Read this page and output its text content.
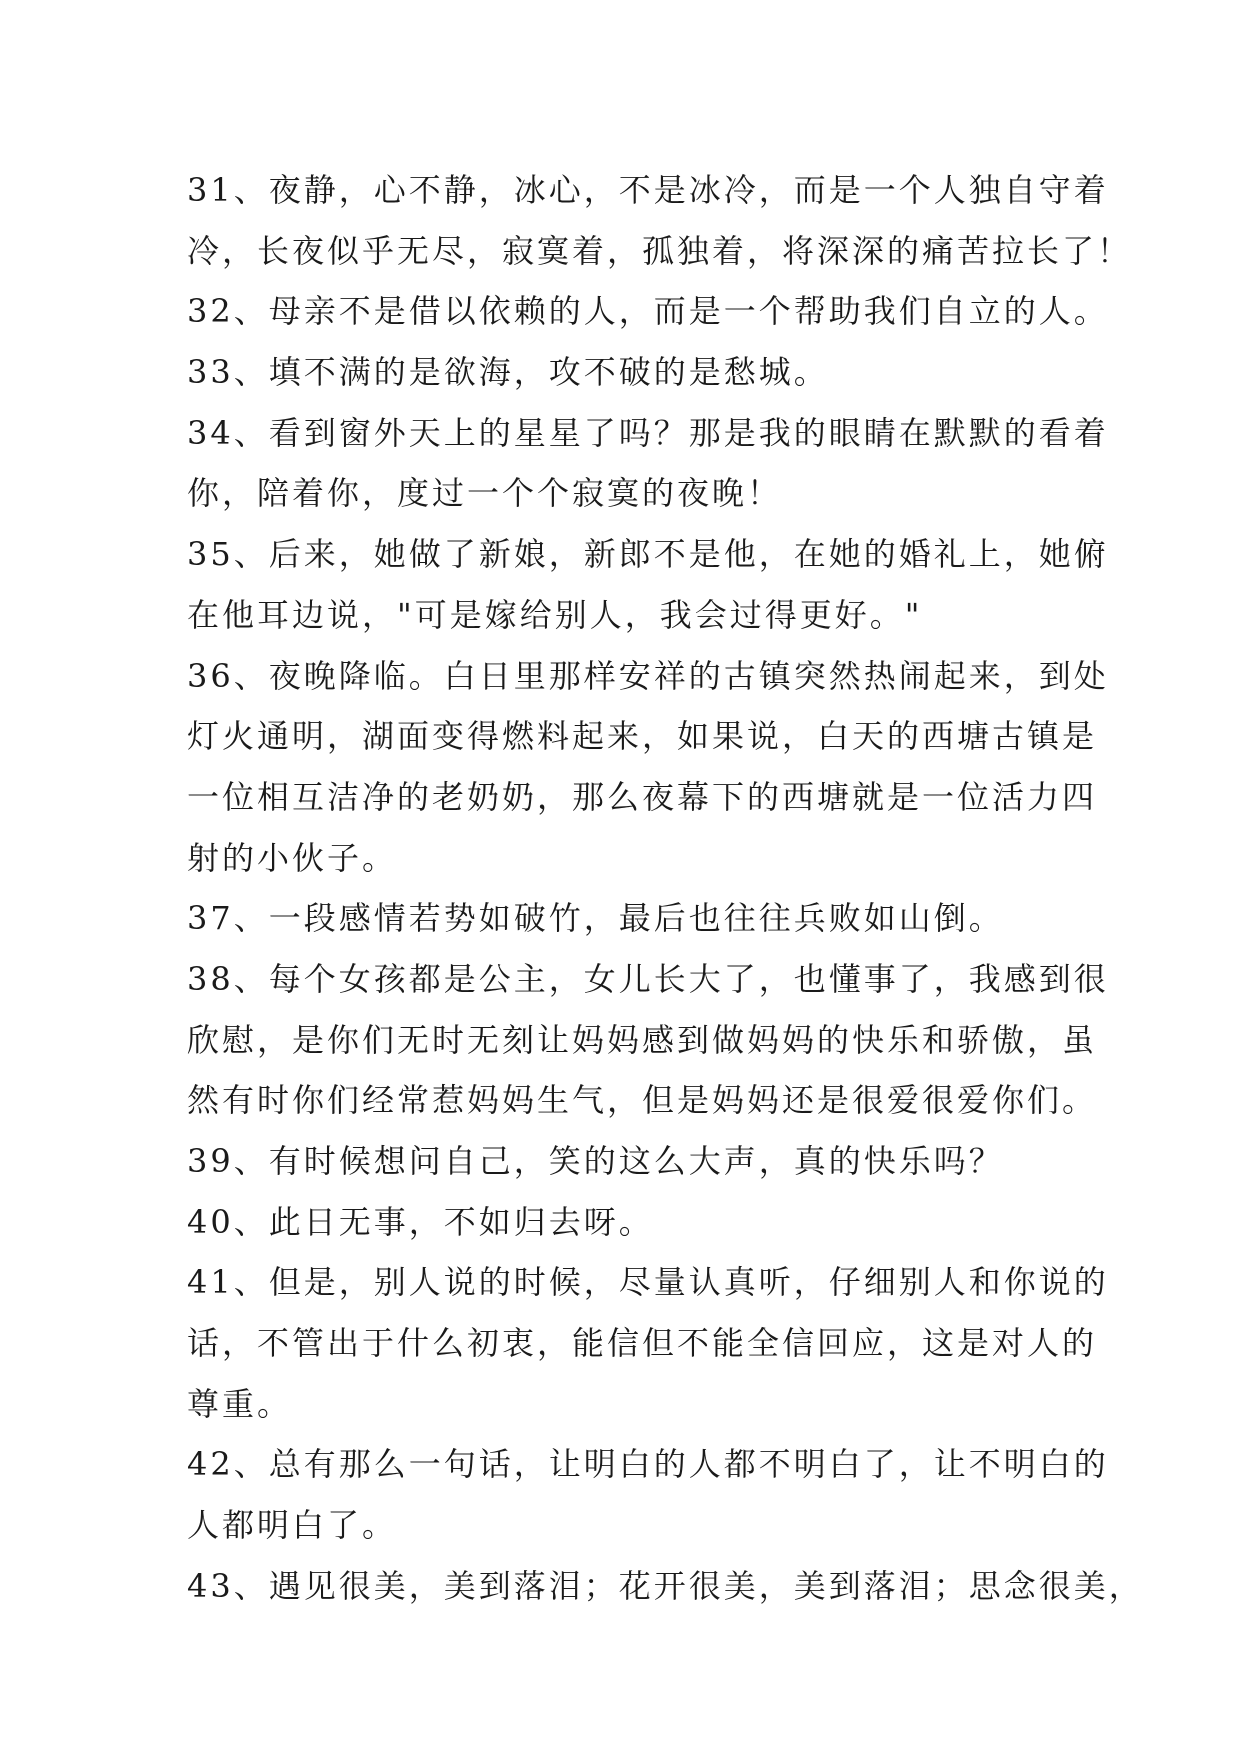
31、夜静，心不静，冰心，不是冰冷，而是一个人独自守着
冷，长夜似乎无尽，寂寞着，孤独着，将深深的痛苦拉长了！
32、母亲不是借以依赖的人，而是一个帮助我们自立的人。
33、填不满的是欲海，攻不破的是愁城。
34、看到窗外天上的星星了吗？那是我的眼睛在默默的看着
你，陪着你，度过一个个寂寞的夜晚！
35、后来，她做了新娘，新郎不是他，在她的婚礼上，她俯
在他耳边说，"可是嫁给别人，我会过得更好。"
36、夜晚降临。白日里那样安祥的古镇突然热闹起来，到处
灯火通明，湖面变得燃料起来，如果说，白天的西塘古镇是
一位相互洁净的老奶奶，那么夜幕下的西塘就是一位活力四
射的小伙子。
37、一段感情若势如破竹，最后也往往兵败如山倒。
38、每个女孩都是公主，女儿长大了，也懂事了，我感到很
欣慰，是你们无时无刻让妈妈感到做妈妈的快乐和骄傲，虽
然有时你们经常惹妈妈生气，但是妈妈还是很爱很爱你们。
39、有时候想问自己，笑的这么大声，真的快乐吗？
40、此日无事，不如归去呀。
41、但是，别人说的时候，尽量认真听，仔细别人和你说的
话，不管出于什么初衷，能信但不能全信回应，这是对人的
尊重。
42、总有那么一句话，让明白的人都不明白了，让不明白的
人都明白了。
43、遇见很美，美到落泪；花开很美，美到落泪；思念很美，
